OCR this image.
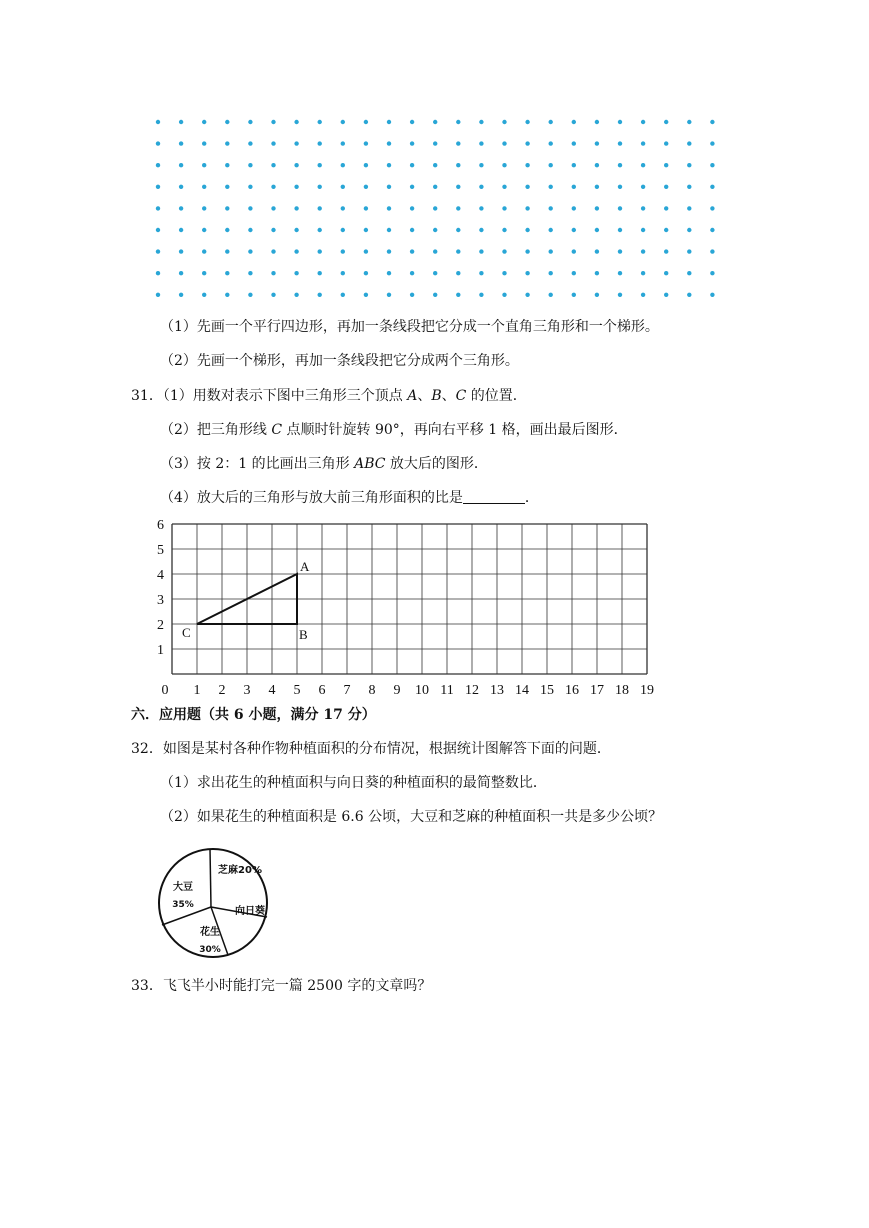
（1）先画一个平行四边形，再加一条线段把它分成一个直角三角形和一个梯形。
（2）先画一个梯形，再加一条线段把它分成两个三角形。
31．（1）用数对表示下图中三角形三个顶点 A、B、C 的位置．
（2）把三角形线 C 点顺时针旋转 90°，再向右平移 1 格，画出最后图形．
（3）按 2：1 的比画出三角形 ABC 放大后的图形．
（4）放大后的三角形与放大前三角形面积的比是	．
0 1 2 3 4 5 6 7 8 9 10 11 12 13 14 15 16 17 18 19
1
2
3
4
5
6
A
B
C
六．应用题（共 6 小题，满分 17 分）
32．如图是某村各种作物种植面积的分布情况，根据统计图解答下面的问题．
（1）求出花生的种植面积与向日葵的种植面积的最简整数比．
（2）如果花生的种植面积是 6.6 公顷，大豆和芝麻的种植面积一共是多少公顷？
芝麻20%
向日葵
花生
30%
大豆
35%
33．飞飞半小时能打完一篇 2500 字的文章吗？
